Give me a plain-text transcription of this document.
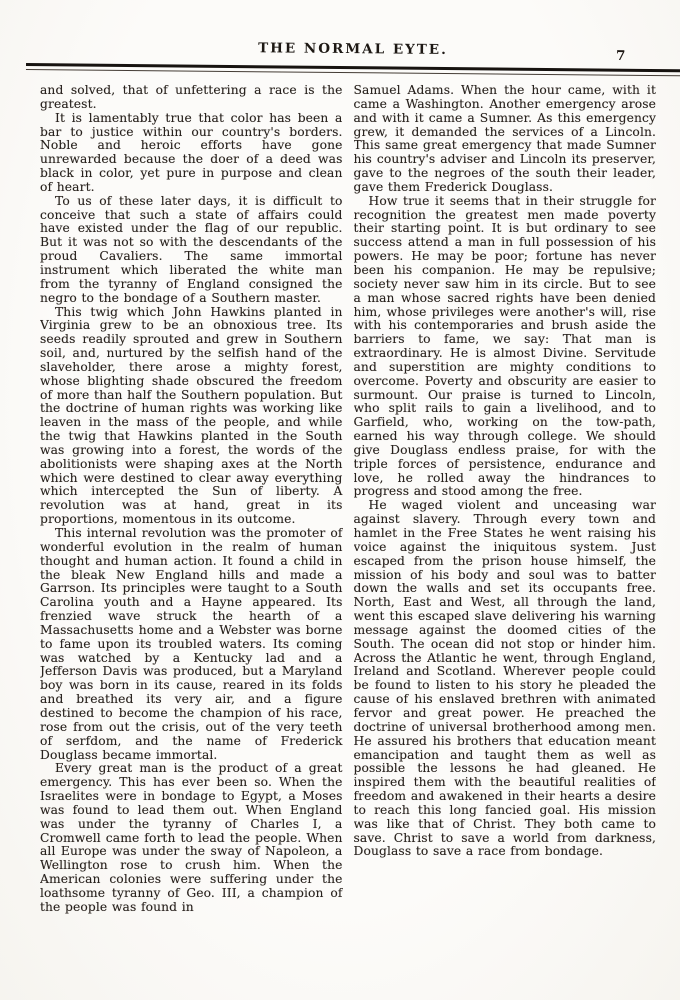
THE NORMAL EYTE.	7

and solved, that of unfettering a race is the greatest.

It is lamentably true that color has been a bar to justice within our country's borders. Noble and heroic efforts have gone unrewarded because the doer of a deed was black in color, yet pure in purpose and clean of heart.

To us of these later days, it is difficult to conceive that such a state of affairs could have existed under the flag of our republic. But it was not so with the descendants of the proud Cavaliers. The same immortal instrument which liberated the white man from the tyranny of England consigned the negro to the bondage of a Southern master.

This twig which John Hawkins planted in Virginia grew to be an obnoxious tree. Its seeds readily sprouted and grew in Southern soil, and, nurtured by the selfish hand of the slaveholder, there arose a mighty forest, whose blighting shade obscured the freedom of more than half the Southern population. But the doctrine of human rights was working like leaven in the mass of the people, and while the twig that Hawkins planted in the South was growing into a forest, the words of the abolitionists were shaping axes at the North which were destined to clear away everything which intercepted the Sun of liberty. A revolution was at hand, great in its proportions, momentous in its outcome.

This internal revolution was the promoter of wonderful evolution in the realm of human thought and human action. It found a child in the bleak New England hills and made a Garrson. Its principles were taught to a South Carolina youth and a Hayne appeared. Its frenzied wave struck the hearth of a Massachusetts home and a Webster was borne to fame upon its troubled waters. Its coming was watched by a Kentucky lad and a Jefferson Davis was produced, but a Maryland boy was born in its cause, reared in its folds and breathed its very air, and a figure destined to become the champion of his race, rose from out the crisis, out of the very teeth of serfdom, and the name of Frederick Douglass became immortal.

Every great man is the product of a great emergency. This has ever been so. When the Israelites were in bondage to Egypt, a Moses was found to lead them out. When England was under the tyranny of Charles I, a Cromwell came forth to lead the people. When all Europe was under the sway of Napoleon, a Wellington rose to crush him. When the American colonies were suffering under the loathsome tyranny of Geo. III, a champion of the people was found in

Samuel Adams. When the hour came, with it came a Washington. Another emergency arose and with it came a Sumner. As this emergency grew, it demanded the services of a Lincoln. This same great emergency that made Sumner his country's adviser and Lincoln its preserver, gave to the negroes of the south their leader, gave them Frederick Douglass.

How true it seems that in their struggle for recognition the greatest men made poverty their starting point. It is but ordinary to see success attend a man in full possession of his powers. He may be poor; fortune has never been his companion. He may be repulsive; society never saw him in its circle. But to see a man whose sacred rights have been denied him, whose privileges were another's will, rise with his contemporaries and brush aside the barriers to fame, we say: That man is extraordinary. He is almost Divine. Servitude and superstition are mighty conditions to overcome. Poverty and obscurity are easier to surmount. Our praise is turned to Lincoln, who split rails to gain a livelihood, and to Garfield, who, working on the tow-path, earned his way through college. We should give Douglass endless praise, for with the triple forces of persistence, endurance and love, he rolled away the hindrances to progress and stood among the free.

He waged violent and unceasing war against slavery. Through every town and hamlet in the Free States he went raising his voice against the iniquitous system. Just escaped from the prison house himself, the mission of his body and soul was to batter down the walls and set its occupants free. North, East and West, all through the land, went this escaped slave delivering his warning message against the doomed cities of the South. The ocean did not stop or hinder him. Across the Atlantic he went, through England, Ireland and Scotland. Wherever people could be found to listen to his story he pleaded the cause of his enslaved brethren with animated fervor and great power. He preached the doctrine of universal brotherhood among men. He assured his brothers that education meant emancipation and taught them as well as possible the lessons he had gleaned. He inspired them with the beautiful realities of freedom and awakened in their hearts a desire to reach this long fancied goal. His mission was like that of Christ. They both came to save. Christ to save a world from darkness, Douglass to save a race from bondage.
